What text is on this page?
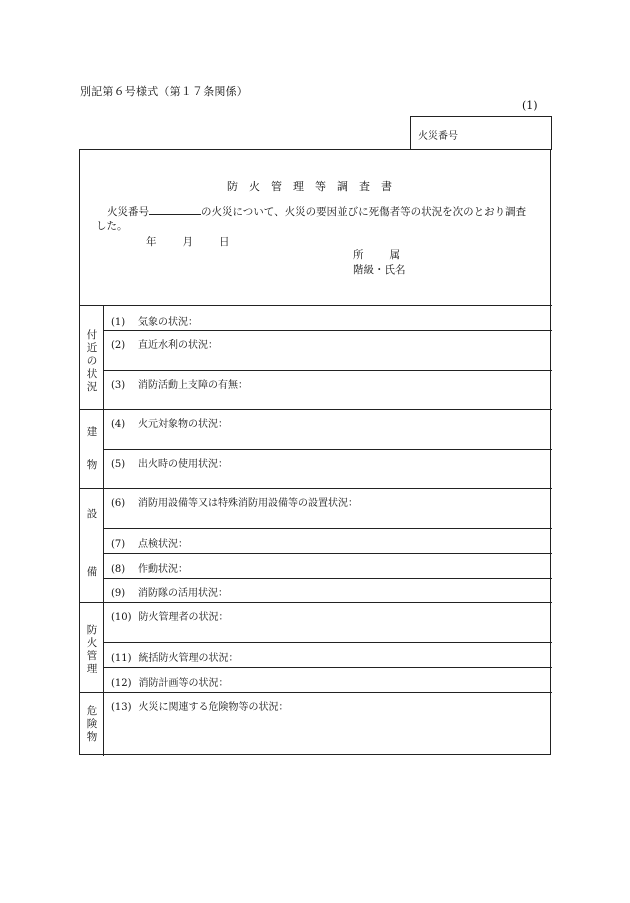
別記第６号様式（第１７条関係）
(1)
火災番号
防火管理等調査書
火災番号	の火災について、火災の要因並びに死傷者等の状況を次のとおり調査した。
年 月 日
所 属
階級・氏名
付近の状況
建
物
設
備
防火管理
危険物
(1) 気象の状況：
(2) 直近水利の状況：
(3) 消防活動上支障の有無：
(4) 火元対象物の状況：
(5) 出火時の使用状況：
(6) 消防用設備等又は特殊消防用設備等の設置状況：
(7) 点検状況：
(8) 作動状況：
(9) 消防隊の活用状況：
(10) 防火管理者の状況：
(11) 統括防火管理の状況：
(12) 消防計画等の状況：
(13) 火災に関連する危険物等の状況：
